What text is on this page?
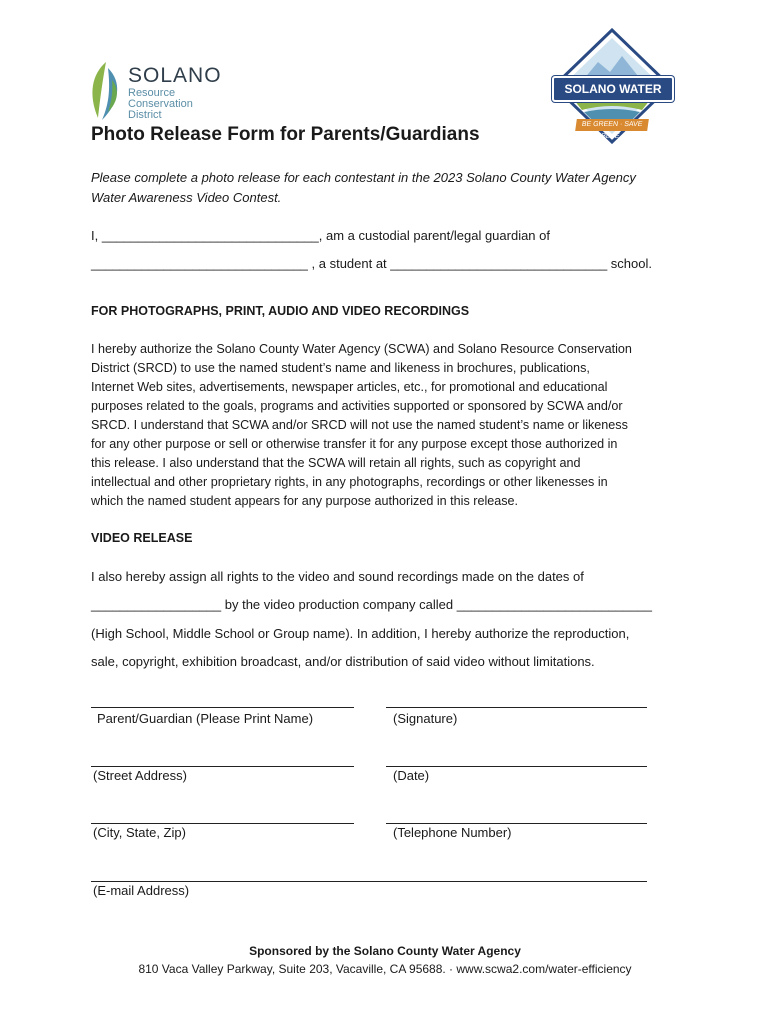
SOLANO
Resource
Conservation
District
SOLANO WATER
BE GREEN · SAVE BLUE
Photo Release Form for Parents/Guardians
Please complete a photo release for each contestant in the 2023 Solano County Water Agency
Water Awareness Video Contest.
I, ______________________________, am a custodial parent/legal guardian of
______________________________ , a student at ______________________________ school.
FOR PHOTOGRAPHS, PRINT, AUDIO AND VIDEO RECORDINGS
I hereby authorize the Solano County Water Agency (SCWA) and Solano Resource Conservation
District (SRCD) to use the named student’s name and likeness in brochures, publications,
Internet Web sites, advertisements, newspaper articles, etc., for promotional and educational
purposes related to the goals, programs and activities supported or sponsored by SCWA and/or
SRCD. I understand that SCWA and/or SRCD will not use the named student’s name or likeness
for any other purpose or sell or otherwise transfer it for any purpose except those authorized in
this release. I also understand that the SCWA will retain all rights, such as copyright and
intellectual and other proprietary rights, in any photographs, recordings or other likenesses in
which the named student appears for any purpose authorized in this release.
VIDEO RELEASE
I also hereby assign all rights to the video and sound recordings made on the dates of
__________________ by the video production company called ___________________________
(High School, Middle School or Group name). In addition, I hereby authorize the reproduction,
sale, copyright, exhibition broadcast, and/or distribution of said video without limitations.
Parent/Guardian (Please Print Name)	(Signature)
(Street Address)	(Date)
(City, State, Zip)	(Telephone Number)
(E-mail Address)
Sponsored by the Solano County Water Agency
810 Vaca Valley Parkway, Suite 203, Vacaville, CA 95688. · www.scwa2.com/water-efficiency
